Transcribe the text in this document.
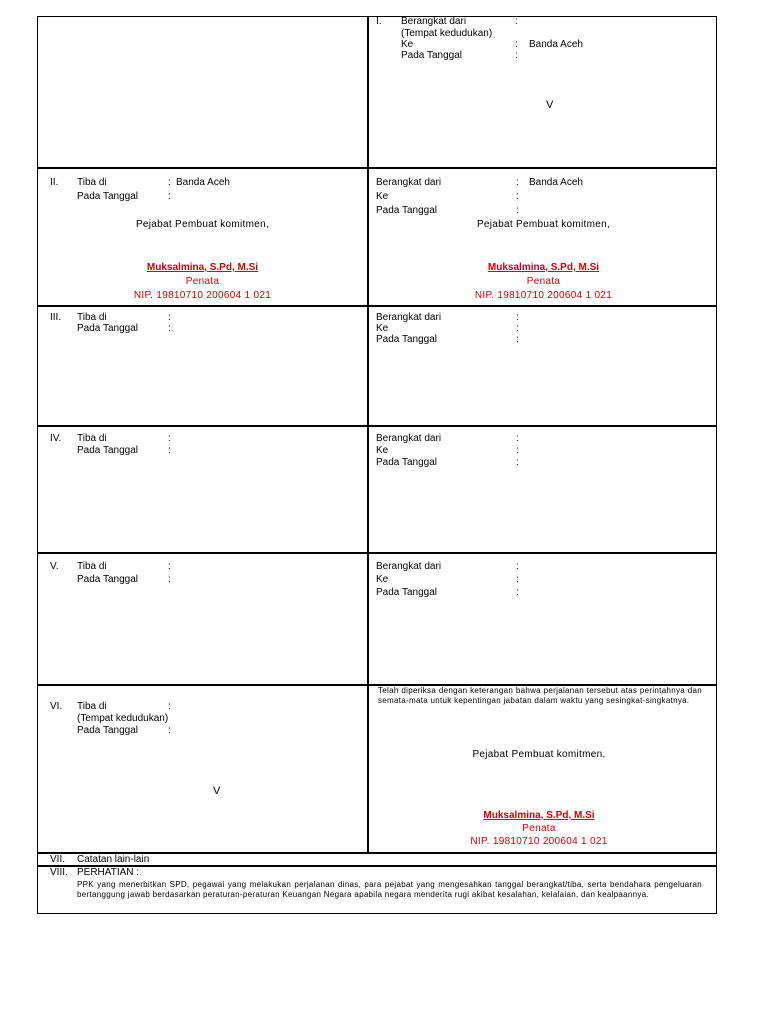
I. Berangkat dari	:
(Tempat kedudukan)
Ke	: Banda Aceh
Pada Tanggal	:
V
II. Tiba di	: Banda Aceh
Pada Tanggal	:
Pejabat Pembuat komitmen,
Muksalmina, S.Pd, M.Si
Penata
NIP. 19810710 200604 1 021
Berangkat dari	: Banda Aceh
Ke	:
Pada Tanggal	:
Pejabat Pembuat komitmen,
Muksalmina, S.Pd, M.Si
Penata
NIP. 19810710 200604 1 021
III. Tiba di	:
Pada Tanggal	:
Berangkat dari	:
Ke	:
Pada Tanggal	:
IV. Tiba di	:
Pada Tanggal	:
Berangkat dari	:
Ke	:
Pada Tanggal	:
V. Tiba di	:
Pada Tanggal	:
Berangkat dari	:
Ke	:
Pada Tanggal	:
VI. Tiba di	:
(Tempat kedudukan)
Pada Tanggal	:
V
Telah diperiksa dengan keterangan bahwa perjalanan tersebut atas perintahnya dan semata-mata untuk kepentingan jabatan dalam waktu yang sesingkat-singkatnya.
Pejabat Pembuat komitmen,
Muksalmina, S.Pd, M.Si
Penata
NIP. 19810710 200604 1 021
VII. Catatan lain-lain
VIII. PERHATIAN :
PPK yang menerbitkan SPD, pegawai yang melakukan perjalanan dinas, para pejabat yang mengesahkan tanggal berangkat/tiba, serta bendahara pengeluaran bertanggung jawab berdasarkan peraturan-peraturan Keuangan Negara apabila negara menderita rugi akibat kesalahan, kelalaian, dan kealpaannya.
